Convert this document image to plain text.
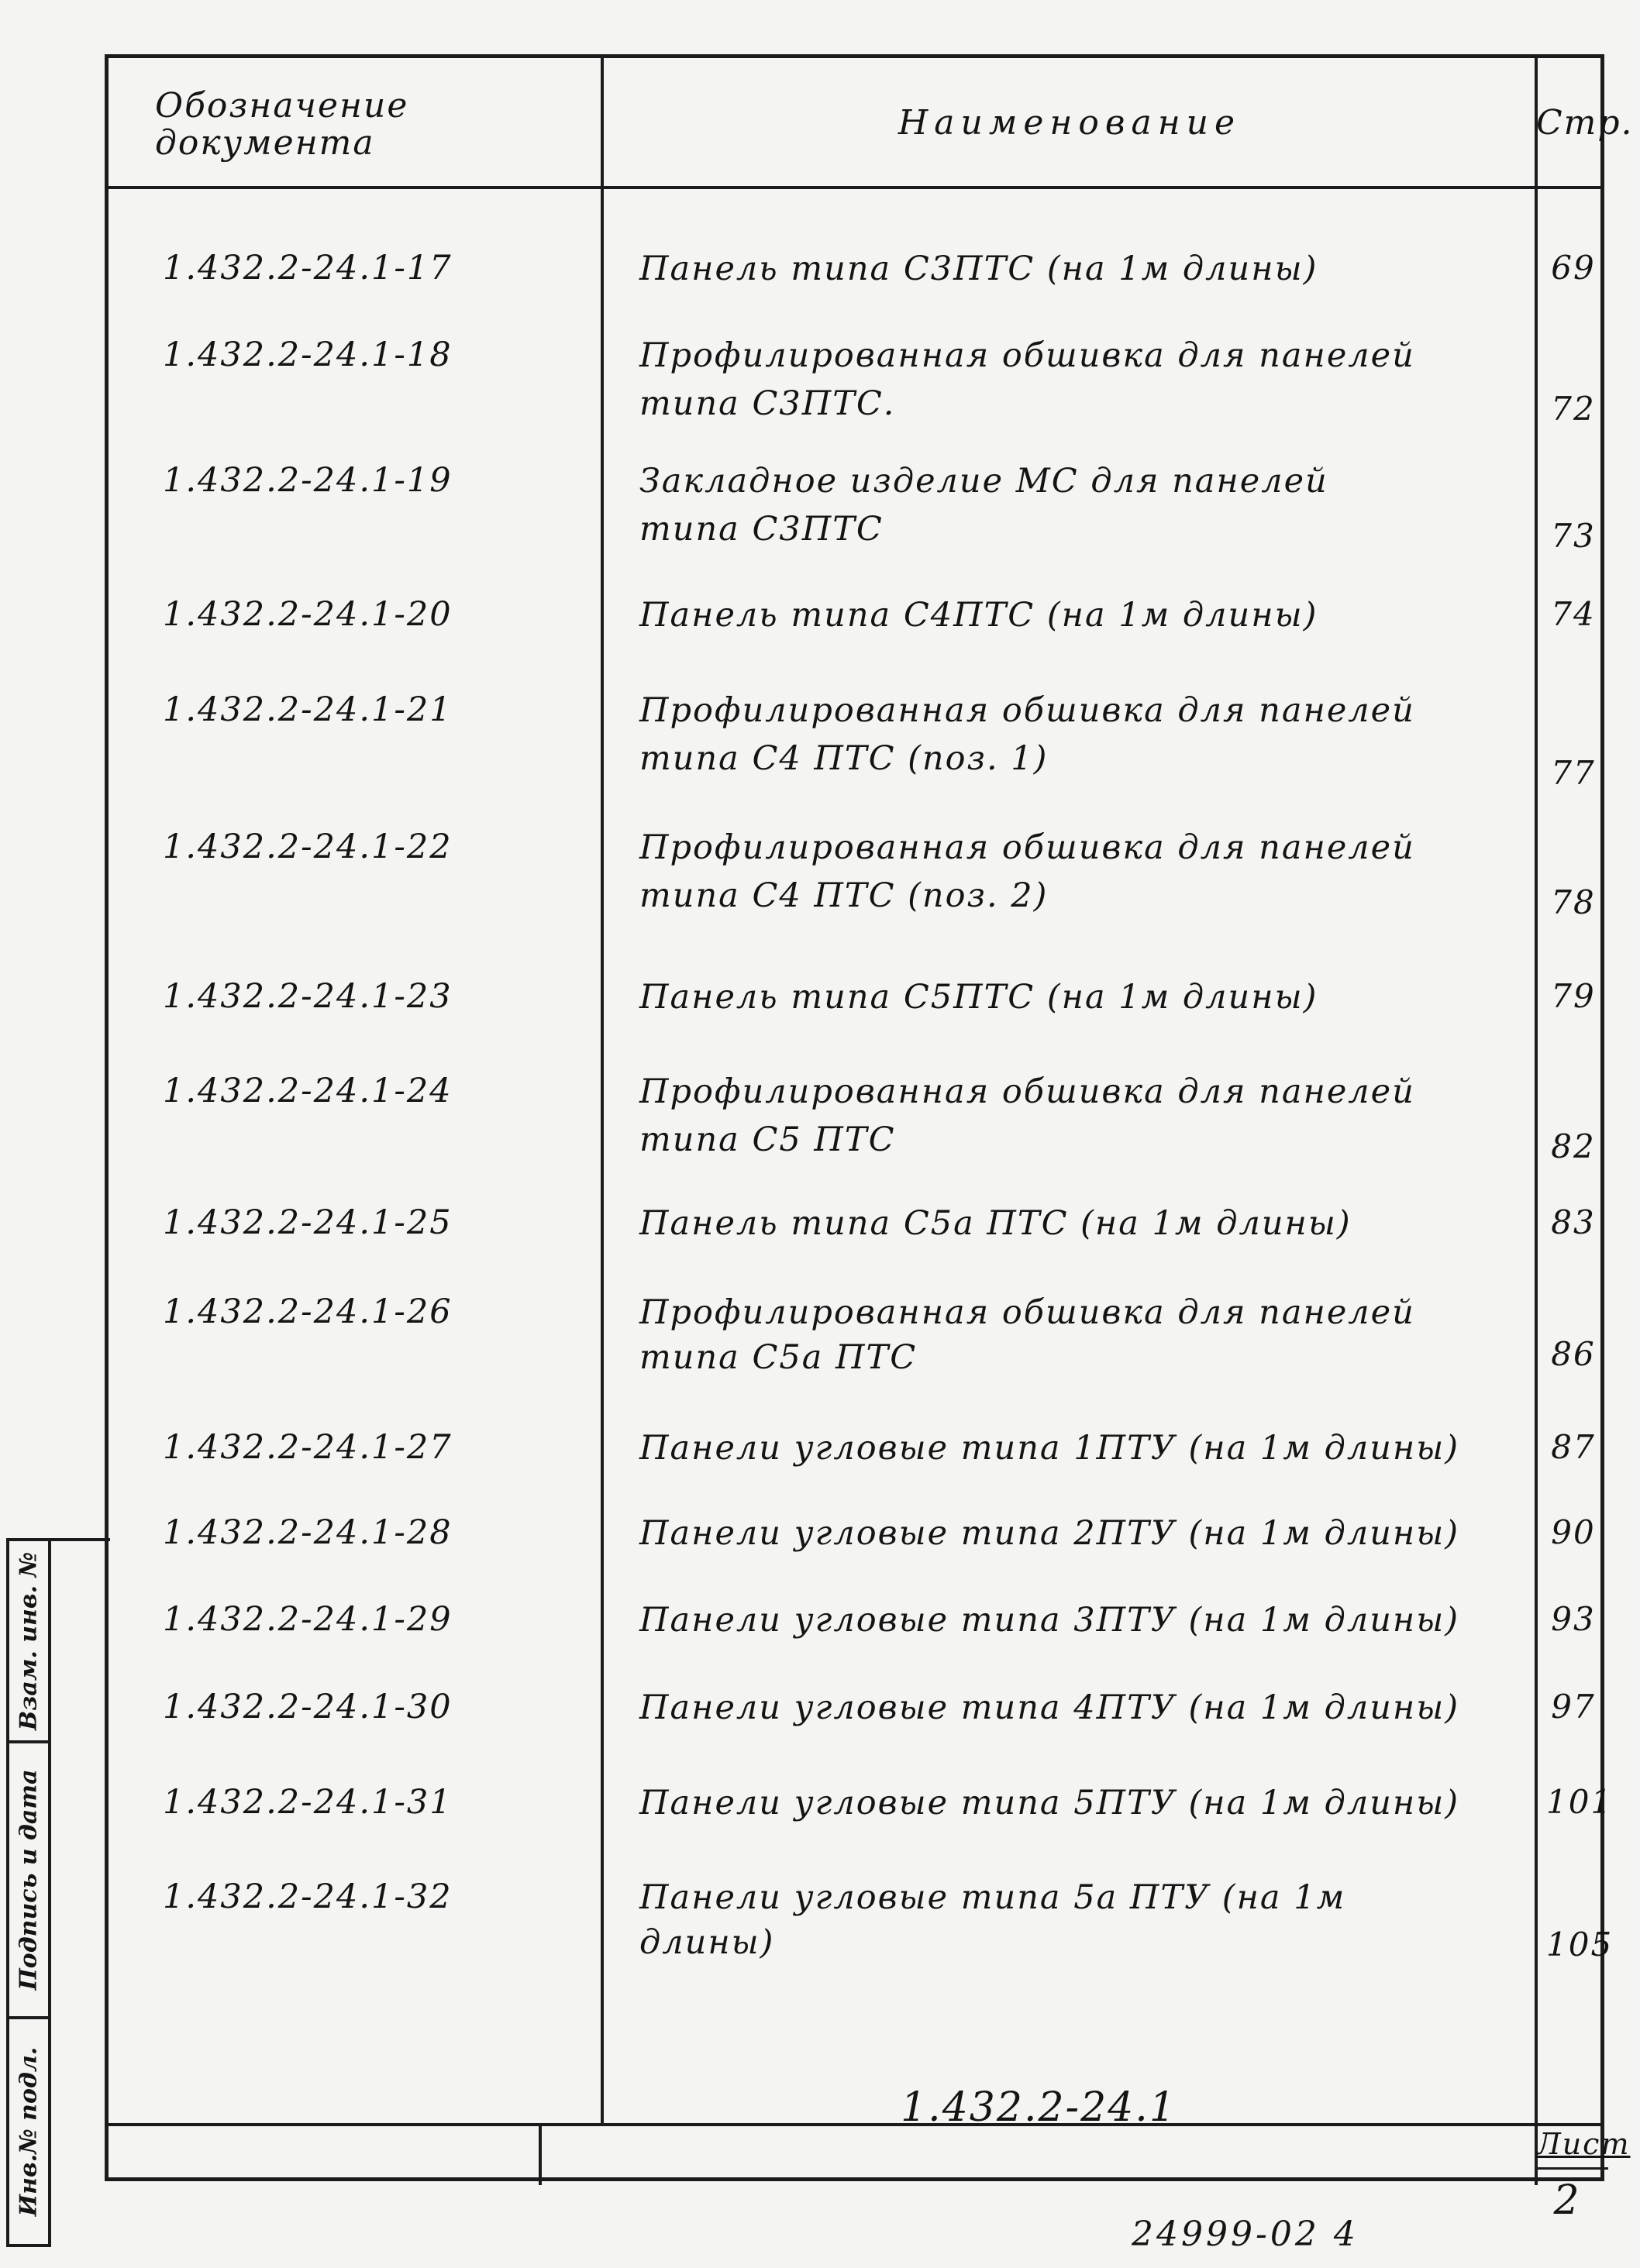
Обозначение документа
Наименование	Стр.
1.432.2-24.1
Лист
1.432.2-24.1-17	Панель типа С3ПТС (на 1м длины)	69
1.432.2-24.1-18	Профилированная обшивка для панелей
типа С3ПТС.	72
1.432.2-24.1-19	Закладное изделие МС для панелей
типа С3ПТС	73
1.432.2-24.1-20	Панель типа С4ПТС (на 1м длины)	74
1.432.2-24.1-21	Профилированная обшивка для панелей
типа С4 ПТС (поз. 1)	77
1.432.2-24.1-22	Профилированная обшивка для панелей
типа С4 ПТС (поз. 2)	78
1.432.2-24.1-23	Панель типа С5ПТС (на 1м длины)	79
1.432.2-24.1-24	Профилированная обшивка для панелей
типа С5 ПТС	82
1.432.2-24.1-25	Панель типа С5а ПТС (на 1м длины)	83
1.432.2-24.1-26	Профилированная обшивка для панелей
типа С5а ПТС	86
1.432.2-24.1-27	Панели угловые типа 1ПТУ (на 1м длины)	87
1.432.2-24.1-28	Панели угловые типа 2ПТУ (на 1м длины)	90
1.432.2-24.1-29	Панели угловые типа 3ПТУ (на 1м длины)	93
1.432.2-24.1-30	Панели угловые типа 4ПТУ (на 1м длины)	97
1.432.2-24.1-31	Панели угловые типа 5ПТУ (на 1м длины)	101
1.432.2-24.1-32	Панели угловые типа 5а ПТУ (на 1м
длины)	105
2
Взам. инв. №
Подпись и дата
Инв.№ подл.
24999-02 4
